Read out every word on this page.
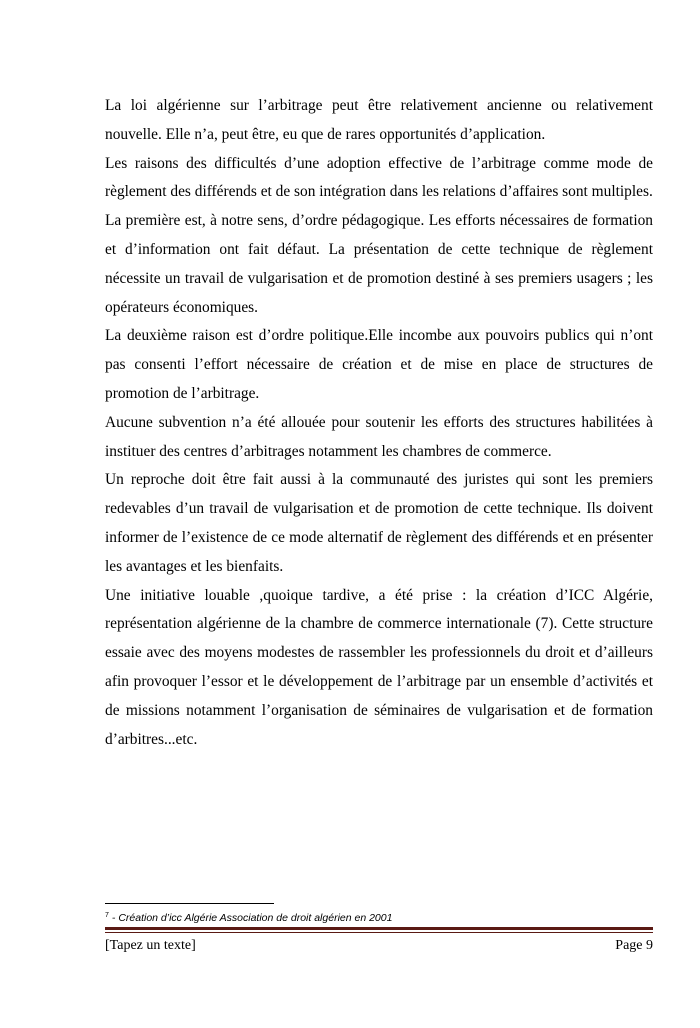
La loi algérienne sur l’arbitrage peut être relativement ancienne ou relativement nouvelle. Elle n’a, peut être, eu que de rares opportunités d’application.

Les raisons des difficultés d’une adoption effective de l’arbitrage comme mode de règlement des différends et de son intégration dans les relations d’affaires sont multiples.

La première est, à notre sens, d’ordre pédagogique. Les efforts nécessaires de formation et d’information ont fait défaut. La présentation de cette technique de règlement nécessite un travail de vulgarisation et de promotion destiné à ses premiers usagers ; les opérateurs économiques.

La deuxième raison est d’ordre politique.Elle incombe aux pouvoirs publics qui n’ont pas consenti l’effort nécessaire de création et de mise en place de structures de promotion de l’arbitrage.

Aucune subvention n’a été allouée pour soutenir les efforts des structures habilitées à instituer des centres d’arbitrages notamment les chambres de commerce.

Un reproche doit être fait aussi à la communauté des juristes qui sont les premiers redevables d’un travail de vulgarisation et de promotion de cette technique. Ils doivent informer de l’existence de ce mode alternatif de règlement des différends et en présenter les avantages et les bienfaits.

Une initiative louable ,quoique tardive, a été prise : la création d’ICC Algérie, représentation algérienne de la chambre de commerce internationale (7). Cette structure essaie avec des moyens modestes de rassembler les professionnels du droit et d’ailleurs afin provoquer l’essor et le développement de l’arbitrage par un ensemble d’activités et de missions notamment l’organisation de séminaires de vulgarisation et de formation d’arbitres...etc.

$^7$ - Création d’icc Algérie Association de droit algérien en 2001
[Tapez un texte]	Page 9
